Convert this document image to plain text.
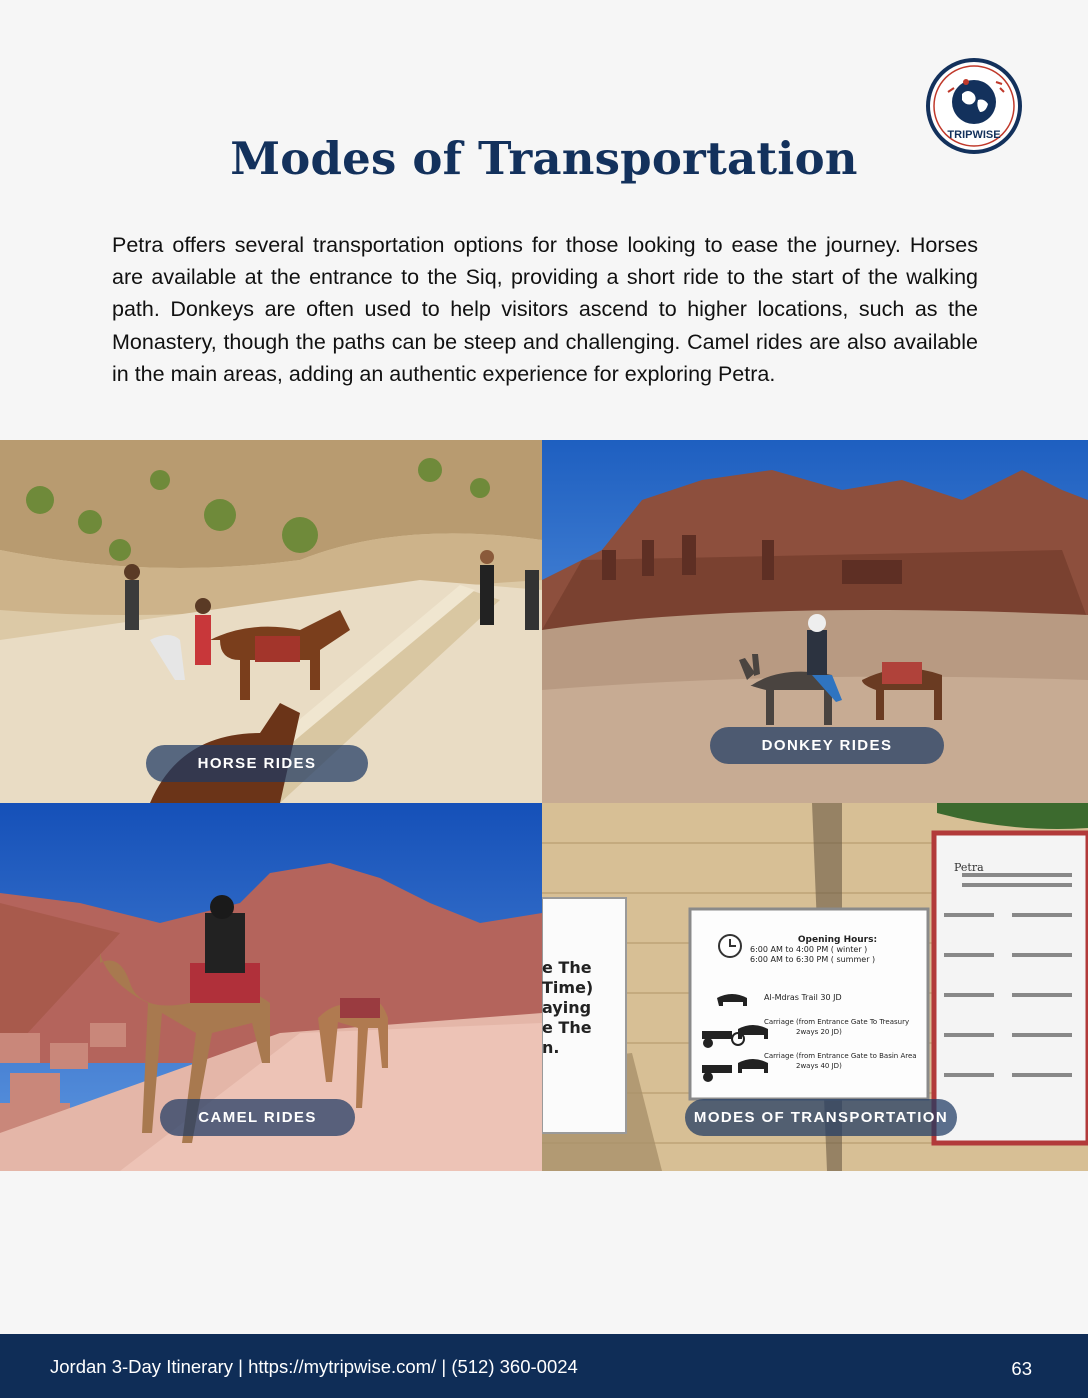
TRIPWISE
Modes of Transportation
Petra offers several transportation options for those looking to ease the journey. Horses are available at the entrance to the Siq, providing a short ride to the start of the walking path. Donkeys are often used to help visitors ascend to higher locations, such as the Monastery, though the paths can be steep and challenging. Camel rides are also available in the main areas, adding an authentic experience for exploring Petra.
HORSE RIDES
DONKEY RIDES
CAMEL RIDES
e The
Time)
aying
e The
n.
Petra
Opening Hours:
6:00 AM to 4:00 PM ( winter )
6:00 AM to 6:30 PM ( summer )
Al-Mdras Trail 30 JD
Carriage (from Entrance Gate To Treasury
2ways 20 JD)
Carriage (from Entrance Gate to Basin Area
2ways 40 JD)
MODES OF TRANSPORTATION
Jordan 3-Day Itinerary | https://mytripwise.com/ | (512) 360-0024	63
